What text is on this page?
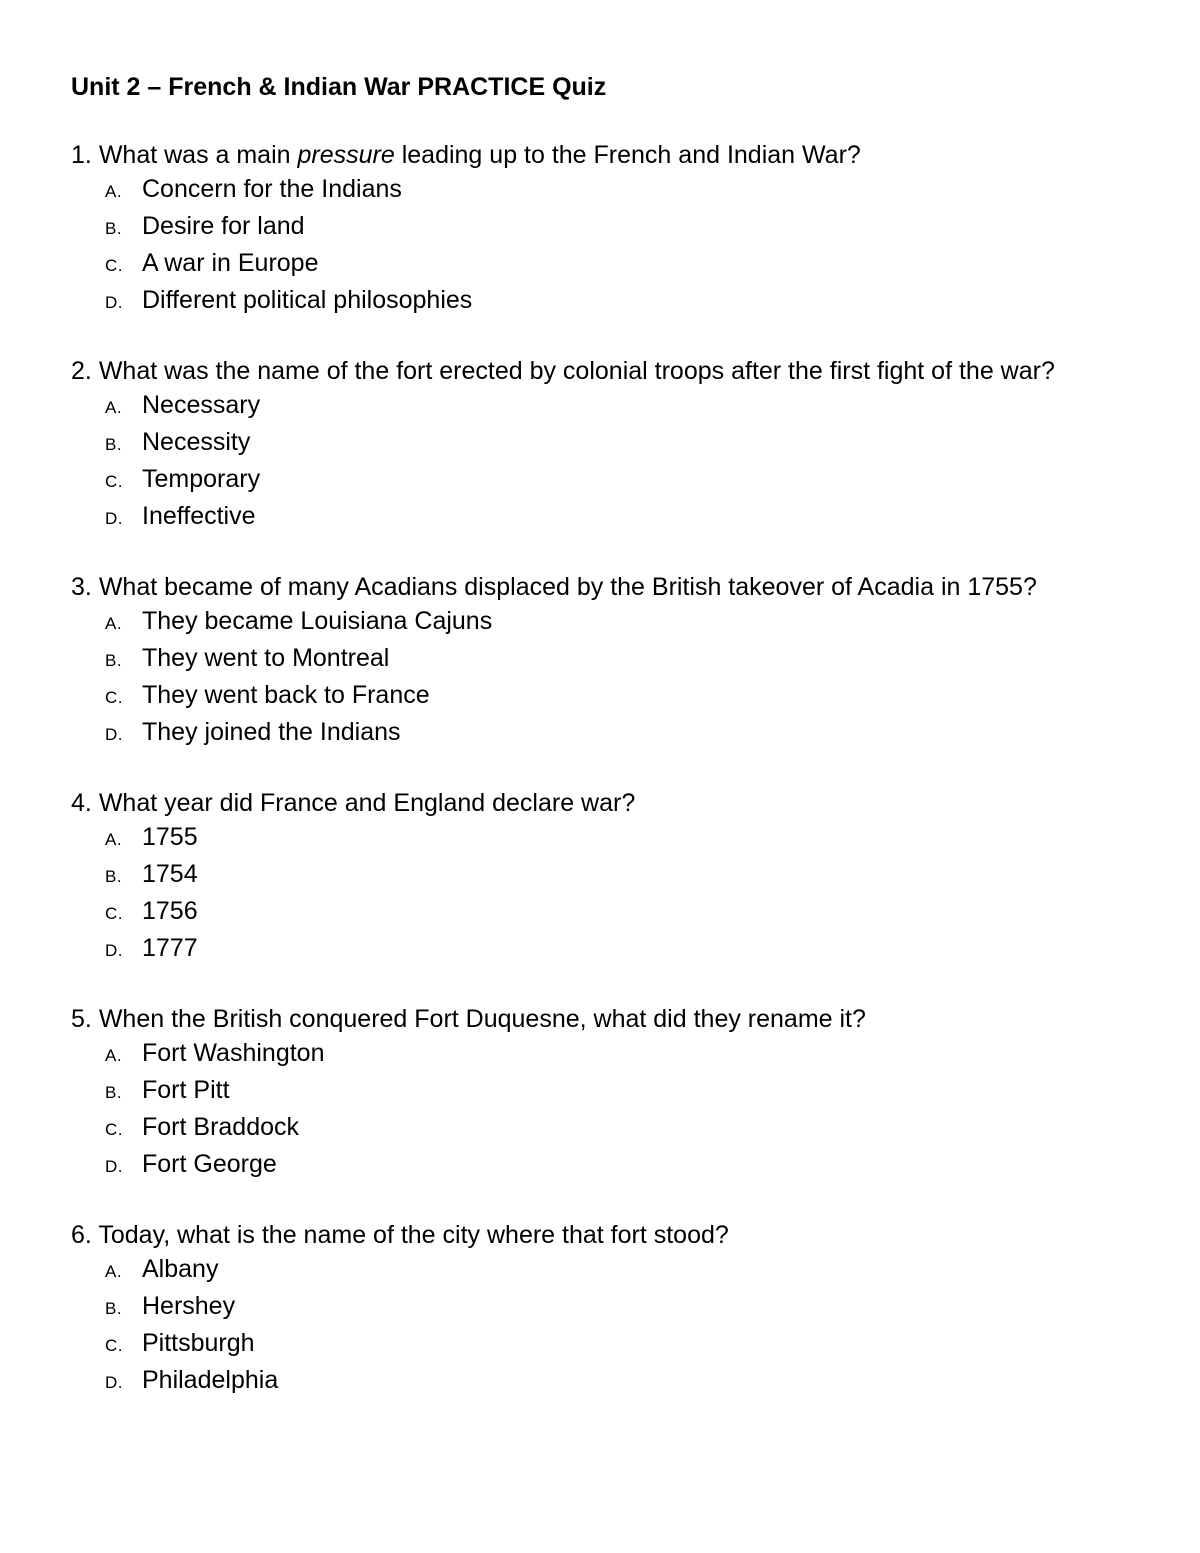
Unit 2 – French & Indian War PRACTICE Quiz

1. What was a main pressure leading up to the French and Indian War?

A. Concern for the Indians
B. Desire for land
C. A war in Europe
D. Different political philosophies

2. What was the name of the fort erected by colonial troops after the first fight of the war?

A. Necessary
B. Necessity
C. Temporary
D. Ineffective

3. What became of many Acadians displaced by the British takeover of Acadia in 1755?

A. They became Louisiana Cajuns
B. They went to Montreal
C. They went back to France
D. They joined the Indians

4. What year did France and England declare war?

A. 1755
B. 1754
C. 1756
D. 1777

5. When the British conquered Fort Duquesne, what did they rename it?

A. Fort Washington
B. Fort Pitt
C. Fort Braddock
D. Fort George

6. Today, what is the name of the city where that fort stood?

A. Albany
B. Hershey
C. Pittsburgh
D. Philadelphia
